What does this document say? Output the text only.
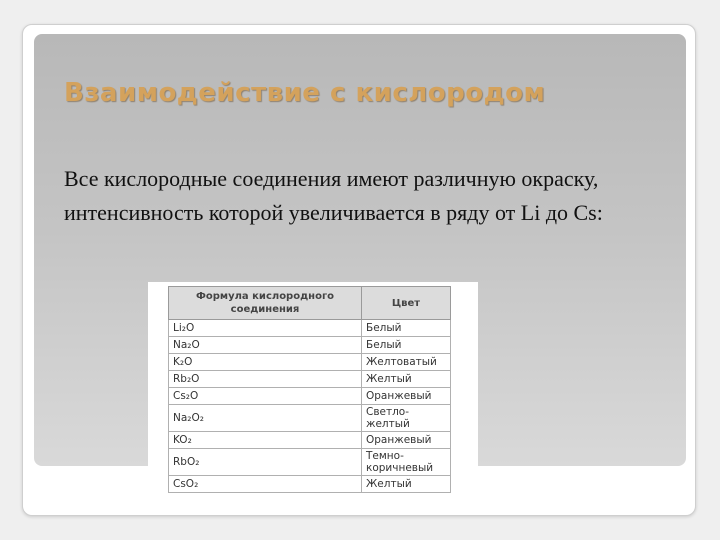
Взаимодействие с кислородом

Все кислородные соединения имеют различную окраску, интенсивность которой увеличивается в ряду от Li до Cs:

Формула кислородного соединения	Цвет
Li₂O	Белый
Na₂O	Белый
K₂O	Желтоватый
Rb₂O	Желтый
Cs₂O	Оранжевый
Na₂O₂	Светло-желтый
KO₂	Оранжевый
RbO₂	Темно-коричневый
CsO₂	Желтый
